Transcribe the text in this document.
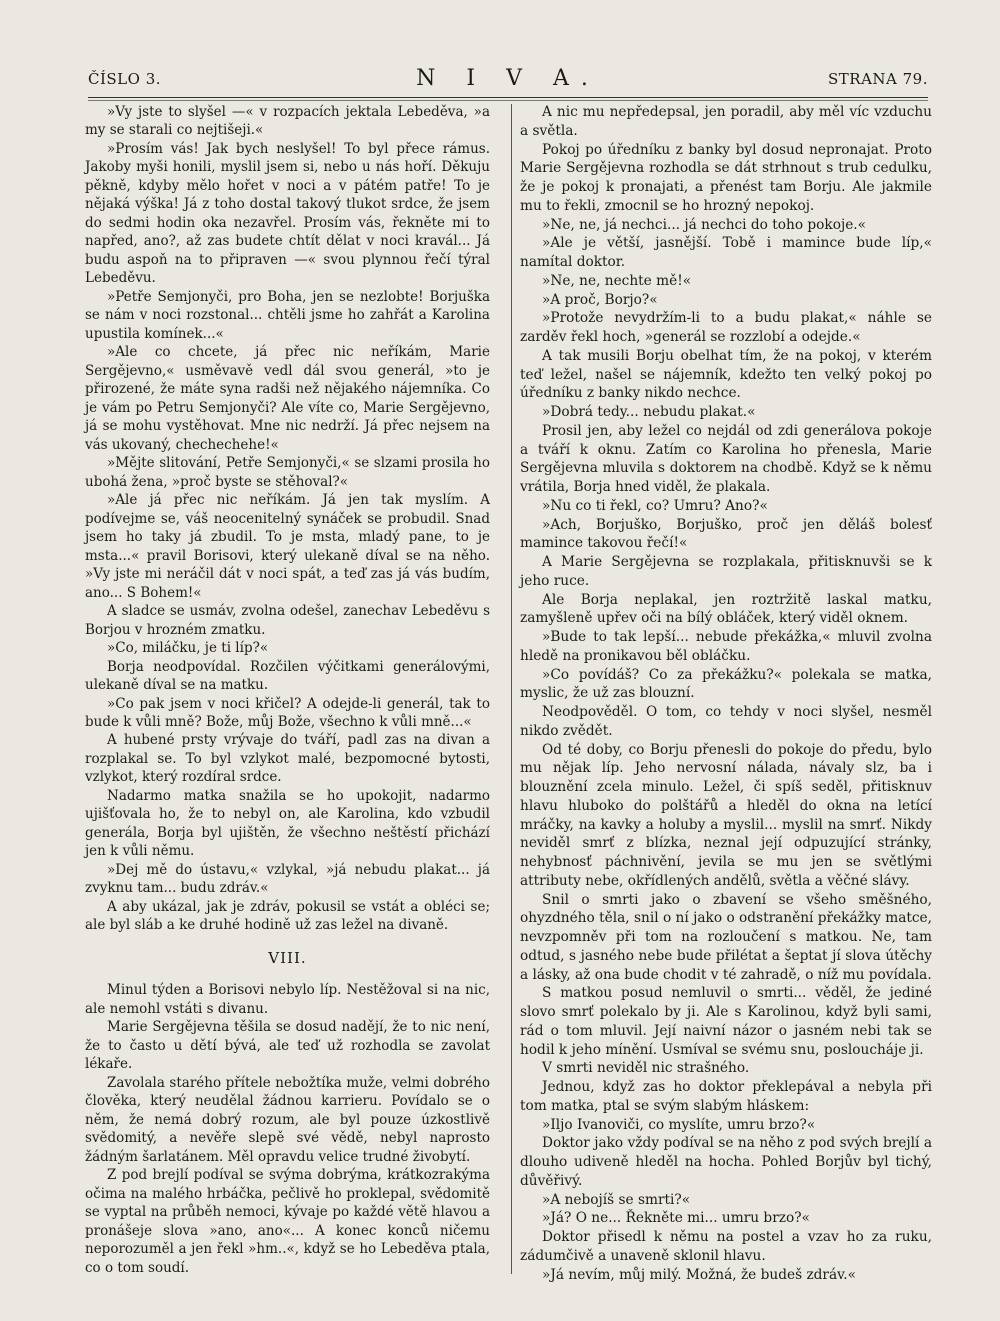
ČÍSLO 3.	N I V A.	STRANA 79.

»Vy jste to slyšel —« v rozpacích jektala Lebeděva, »a my se starali co nejtišeji.«

»Prosím vás! Jak bych neslyšel! To byl přece rámus. Jakoby myši honili, myslil jsem si, nebo u nás hoří. Děkuju pěkně, kdyby mělo hořet v noci a v pátém patře! To je nějaká výška! Já z toho dostal takový tlukot srdce, že jsem do sedmi hodin oka nezavřel. Prosím vás, řekněte mi to napřed, ano?, až zas budete chtít dělat v noci kravál... Já budu aspoň na to připraven —« svou plynnou řečí týral Lebeděvu.

»Petře Semjonyči, pro Boha, jen se nezlobte! Borjuška se nám v noci rozstonal... chtěli jsme ho zahřát a Karolina upustila komínek...«

»Ale co chcete, já přec nic neříkám, Marie Sergějevno,« usměvavě vedl dál svou generál, »to je přirozené, že máte syna radši než nějakého nájemníka. Co je vám po Petru Semjonyči? Ale víte co, Marie Sergějevno, já se mohu vystěhovat. Mne nic nedrží. Já přec nejsem na vás ukovaný, chechechehe!«

»Mějte slitování, Petře Semjonyči,« se slzami prosila ho ubohá žena, »proč byste se stěhoval?«

»Ale já přec nic neříkám. Já jen tak myslím. A podívejme se, váš neocenitelný synáček se probudil. Snad jsem ho taky já zbudil. To je msta, mladý pane, to je msta...« pravil Borisovi, který ulekaně díval se na něho. »Vy jste mi neráčil dát v noci spát, a teď zas já vás budím, ano... S Bohem!«

A sladce se usmáv, zvolna odešel, zanechav Lebeděvu s Borjou v hrozném zmatku.

»Co, miláčku, je ti líp?«

Borja neodpovídal. Rozčilen výčitkami generálovými, ulekaně díval se na matku.

»Co pak jsem v noci křičel? A odejde-li generál, tak to bude k vůli mně? Bože, můj Bože, všechno k vůli mně...«

A hubené prsty vrývaje do tváří, padl zas na divan a rozplakal se. To byl vzlykot malé, bezpomocné bytosti, vzlykot, který rozdíral srdce.

Nadarmo matka snažila se ho upokojit, nadarmo ujišťovala ho, že to nebyl on, ale Karolina, kdo vzbudil generála, Borja byl ujištěn, že všechno neštěstí přichází jen k vůli němu.

»Dej mě do ústavu,« vzlykal, »já nebudu plakat... já zvyknu tam... budu zdráv.«

A aby ukázal, jak je zdráv, pokusil se vstát a obléci se; ale byl sláb a ke druhé hodině už zas ležel na divaně.

VIII.

Minul týden a Borisovi nebylo líp. Nestěžoval si na nic, ale nemohl vstáti s divanu.

Marie Sergějevna těšila se dosud nadějí, že to nic není, že to často u dětí bývá, ale teď už rozhodla se zavolat lékaře.

Zavolala starého přítele nebožtíka muže, velmi dobrého člověka, který neudělal žádnou karrieru. Povídalo se o něm, že nemá dobrý rozum, ale byl pouze úzkostlivě svědomitý, a nevěře slepě své vědě, nebyl naprosto žádným šarlatánem. Měl opravdu velice trudné živobytí.

Z pod brejlí podíval se svýma dobrýma, krátkozrakýma očima na malého hrbáčka, pečlivě ho proklepal, svědomitě se vyptal na průběh nemoci, kývaje po každé větě hlavou a pronášeje slova »ano, ano«... A konec konců ničemu neporozuměl a jen řekl »hm..«, když se ho Lebeděva ptala, co o tom soudí.

A nic mu nepředepsal, jen poradil, aby měl víc vzduchu a světla.

Pokoj po úředníku z banky byl dosud nepronajat. Proto Marie Sergějevna rozhodla se dát strhnout s trub cedulku, že je pokoj k pronajati, a přenést tam Borju. Ale jakmile mu to řekli, zmocnil se ho hrozný nepokoj.

»Ne, ne, já nechci... já nechci do toho pokoje.«

»Ale je větší, jasnější. Tobě i mamince bude líp,« namítal doktor.

»Ne, ne, nechte mě!«

»A proč, Borjo?«

»Protože nevydržím-li to a budu plakat,« náhle se zarděv řekl hoch, »generál se rozzlobí a odejde.«

A tak musili Borju obelhat tím, že na pokoj, v kterém teď ležel, našel se nájemník, kdežto ten velký pokoj po úředníku z banky nikdo nechce.

»Dobrá tedy... nebudu plakat.«

Prosil jen, aby ležel co nejdál od zdi generálova pokoje a tváří k oknu. Zatím co Karolina ho přenesla, Marie Sergějevna mluvila s doktorem na chodbě. Když se k němu vrátila, Borja hned viděl, že plakala.

»Nu co ti řekl, co? Umru? Ano?«

»Ach, Borjuško, Borjuško, proč jen děláš bolesť mamince takovou řečí!«

A Marie Sergějevna se rozplakala, přitisknuvši se k jeho ruce.

Ale Borja neplakal, jen roztržitě laskal matku, zamyšleně upřev oči na bílý obláček, který viděl oknem.

»Bude to tak lepší... nebude překážka,« mluvil zvolna hledě na pronikavou běl obláčku.

»Co povídáš? Co za překážku?« polekala se matka, myslic, že už zas blouzní.

Neodpověděl. O tom, co tehdy v noci slyšel, nesměl nikdo zvědět.

Od té doby, co Borju přenesli do pokoje do předu, bylo mu nějak líp. Jeho nervosní nálada, návaly slz, ba i blouznění zcela minulo. Ležel, či spíš seděl, přitisknuv hlavu hluboko do polštářů a hleděl do okna na letící mráčky, na kavky a holuby a myslil... myslil na smrť. Nikdy neviděl smrť z blízka, neznal její odpuzující stránky, nehybnosť páchnivění, jevila se mu jen se světlými attributy nebe, okřídlených andělů, světla a věčné slávy.

Snil o smrti jako o zbavení se všeho směšného, ohyzdného těla, snil o ní jako o odstranění překážky matce, nevzpomněv při tom na rozloučení s matkou. Ne, tam odtud, s jasného nebe bude přilétat a šeptat jí slova útěchy a lásky, až ona bude chodit v té zahradě, o níž mu povídala.

S matkou posud nemluvil o smrti... věděl, že jediné slovo smrť polekalo by ji. Ale s Karolinou, když byli sami, rád o tom mluvil. Její naivní názor o jasném nebi tak se hodil k jeho mínění. Usmíval se svému snu, posloucháje ji.

V smrti neviděl nic strašného.

Jednou, když zas ho doktor překlepával a nebyla při tom matka, ptal se svým slabým hláskem:

»Iljo Ivanoviči, co myslíte, umru brzo?«

Doktor jako vždy podíval se na něho z pod svých brejlí a dlouho udiveně hleděl na hocha. Pohled Borjův byl tichý, důvěřivý.

»A nebojíš se smrti?«

»Já? O ne... Řekněte mi... umru brzo?«

Doktor přisedl k němu na postel a vzav ho za ruku, zádumčivě a unaveně sklonil hlavu.

»Já nevím, můj milý. Možná, že budeš zdráv.«
